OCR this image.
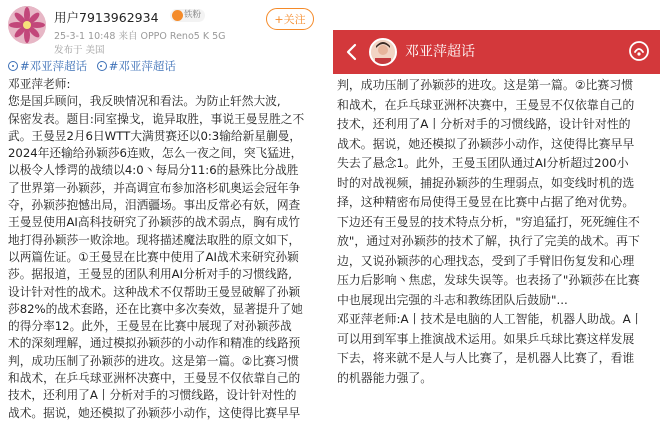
用户7913962934	铁粉
25-3-1 10:48 来自 OPPO Reno5 K 5G
发布于 美国
+关注
#邓亚萍超话 #邓亚萍超话

邓亚萍老师:

您是国乒顾问，我反映情况和看法。为防止轩然大波,

保密发表。题目:同室操戈，诡异取胜，事说王曼昱胜之不

武。王曼昱2月6日WTT大满贯赛还以0:3输给新星蒯曼，

2024年还输给孙颖莎6连败，怎么一夜之间，突飞猛进，

以极令人悸谔的战绩以4:0丶每局分11:6的悬殊比分战胜

了世界第一孙颖莎，并高调宣布参加洛杉矶奥运会冠年争

夺，孙颖莎抱憾出局，泪洒疆场。事出反常必有妖，网查

王曼昱使用AI高科技研究了孙颖莎的战术弱点，胸有成竹

地打得孙颖莎一败涂地。现将描述魔法取胜的原文如下，

以两篇佐证。①王曼昱在比赛中使用了AI战术来研究孙颖

莎。据报道，王曼昱的团队利用AI分析对手的习惯线路,

设计针对性的战术。这种战术不仅帮助王曼昱破解了孙颖

莎82%的战术套路，还在比赛中多次奏效，显著提升了她

的得分率12。此外，王曼昱在比赛中展现了对孙颖莎战

术的深刻理解，通过模拟孙颖莎的小动作和精准的线路预

判，成功压制了孙颖莎的进攻。这是第一篇。②比赛习惯

和战术，在乒乓球亚洲杯决赛中，王曼昱不仅依靠自己的

技术，还利用了A丨分析对手的习惯线路，设计针对性的

战术。据说，她还模拟了孙颖莎小动作，这使得比赛早早

邓亚萍超话

判，成功压制了孙颖莎的进攻。这是第一篇。②比赛习惯

和战术，在乒乓球亚洲杯决赛中，王曼昱不仅依靠自己的

技术，还利用了A丨分析对手的习惯线路，设计针对性的

战术。据说，她还模拟了孙颖莎小动作，这使得比赛早早

失去了悬念1。此外，王曼玉团队通过AI分析超过200小

时的对战视频，捕捉孙颖莎的生理弱点，如变线时机的选

择，这种精密布局使得王曼昱在比赛中占据了绝对优势。

下边还有王曼昱的技术特点分析，"穷追猛打，死死缠住不

放"，通过对孙颖莎的技术了解，执行了完美的战术。再下

边，又说孙颖莎的心理找态，受到了手臂旧伤复发和心理

压力后影响丶焦虑，发球失误等。也表扬了"孙颖莎在比赛

中也展现出完强的斗志和教练团队后鼓励"...

邓亚萍老师:A丨技术是电脑的人工智能，机器人助战。A丨

可以用到军事上推演战术运用。如果乒乓球比赛这样发展

下去，将来就不是人与人比赛了，是机器人比赛了，看谁

的机器能力强了。
